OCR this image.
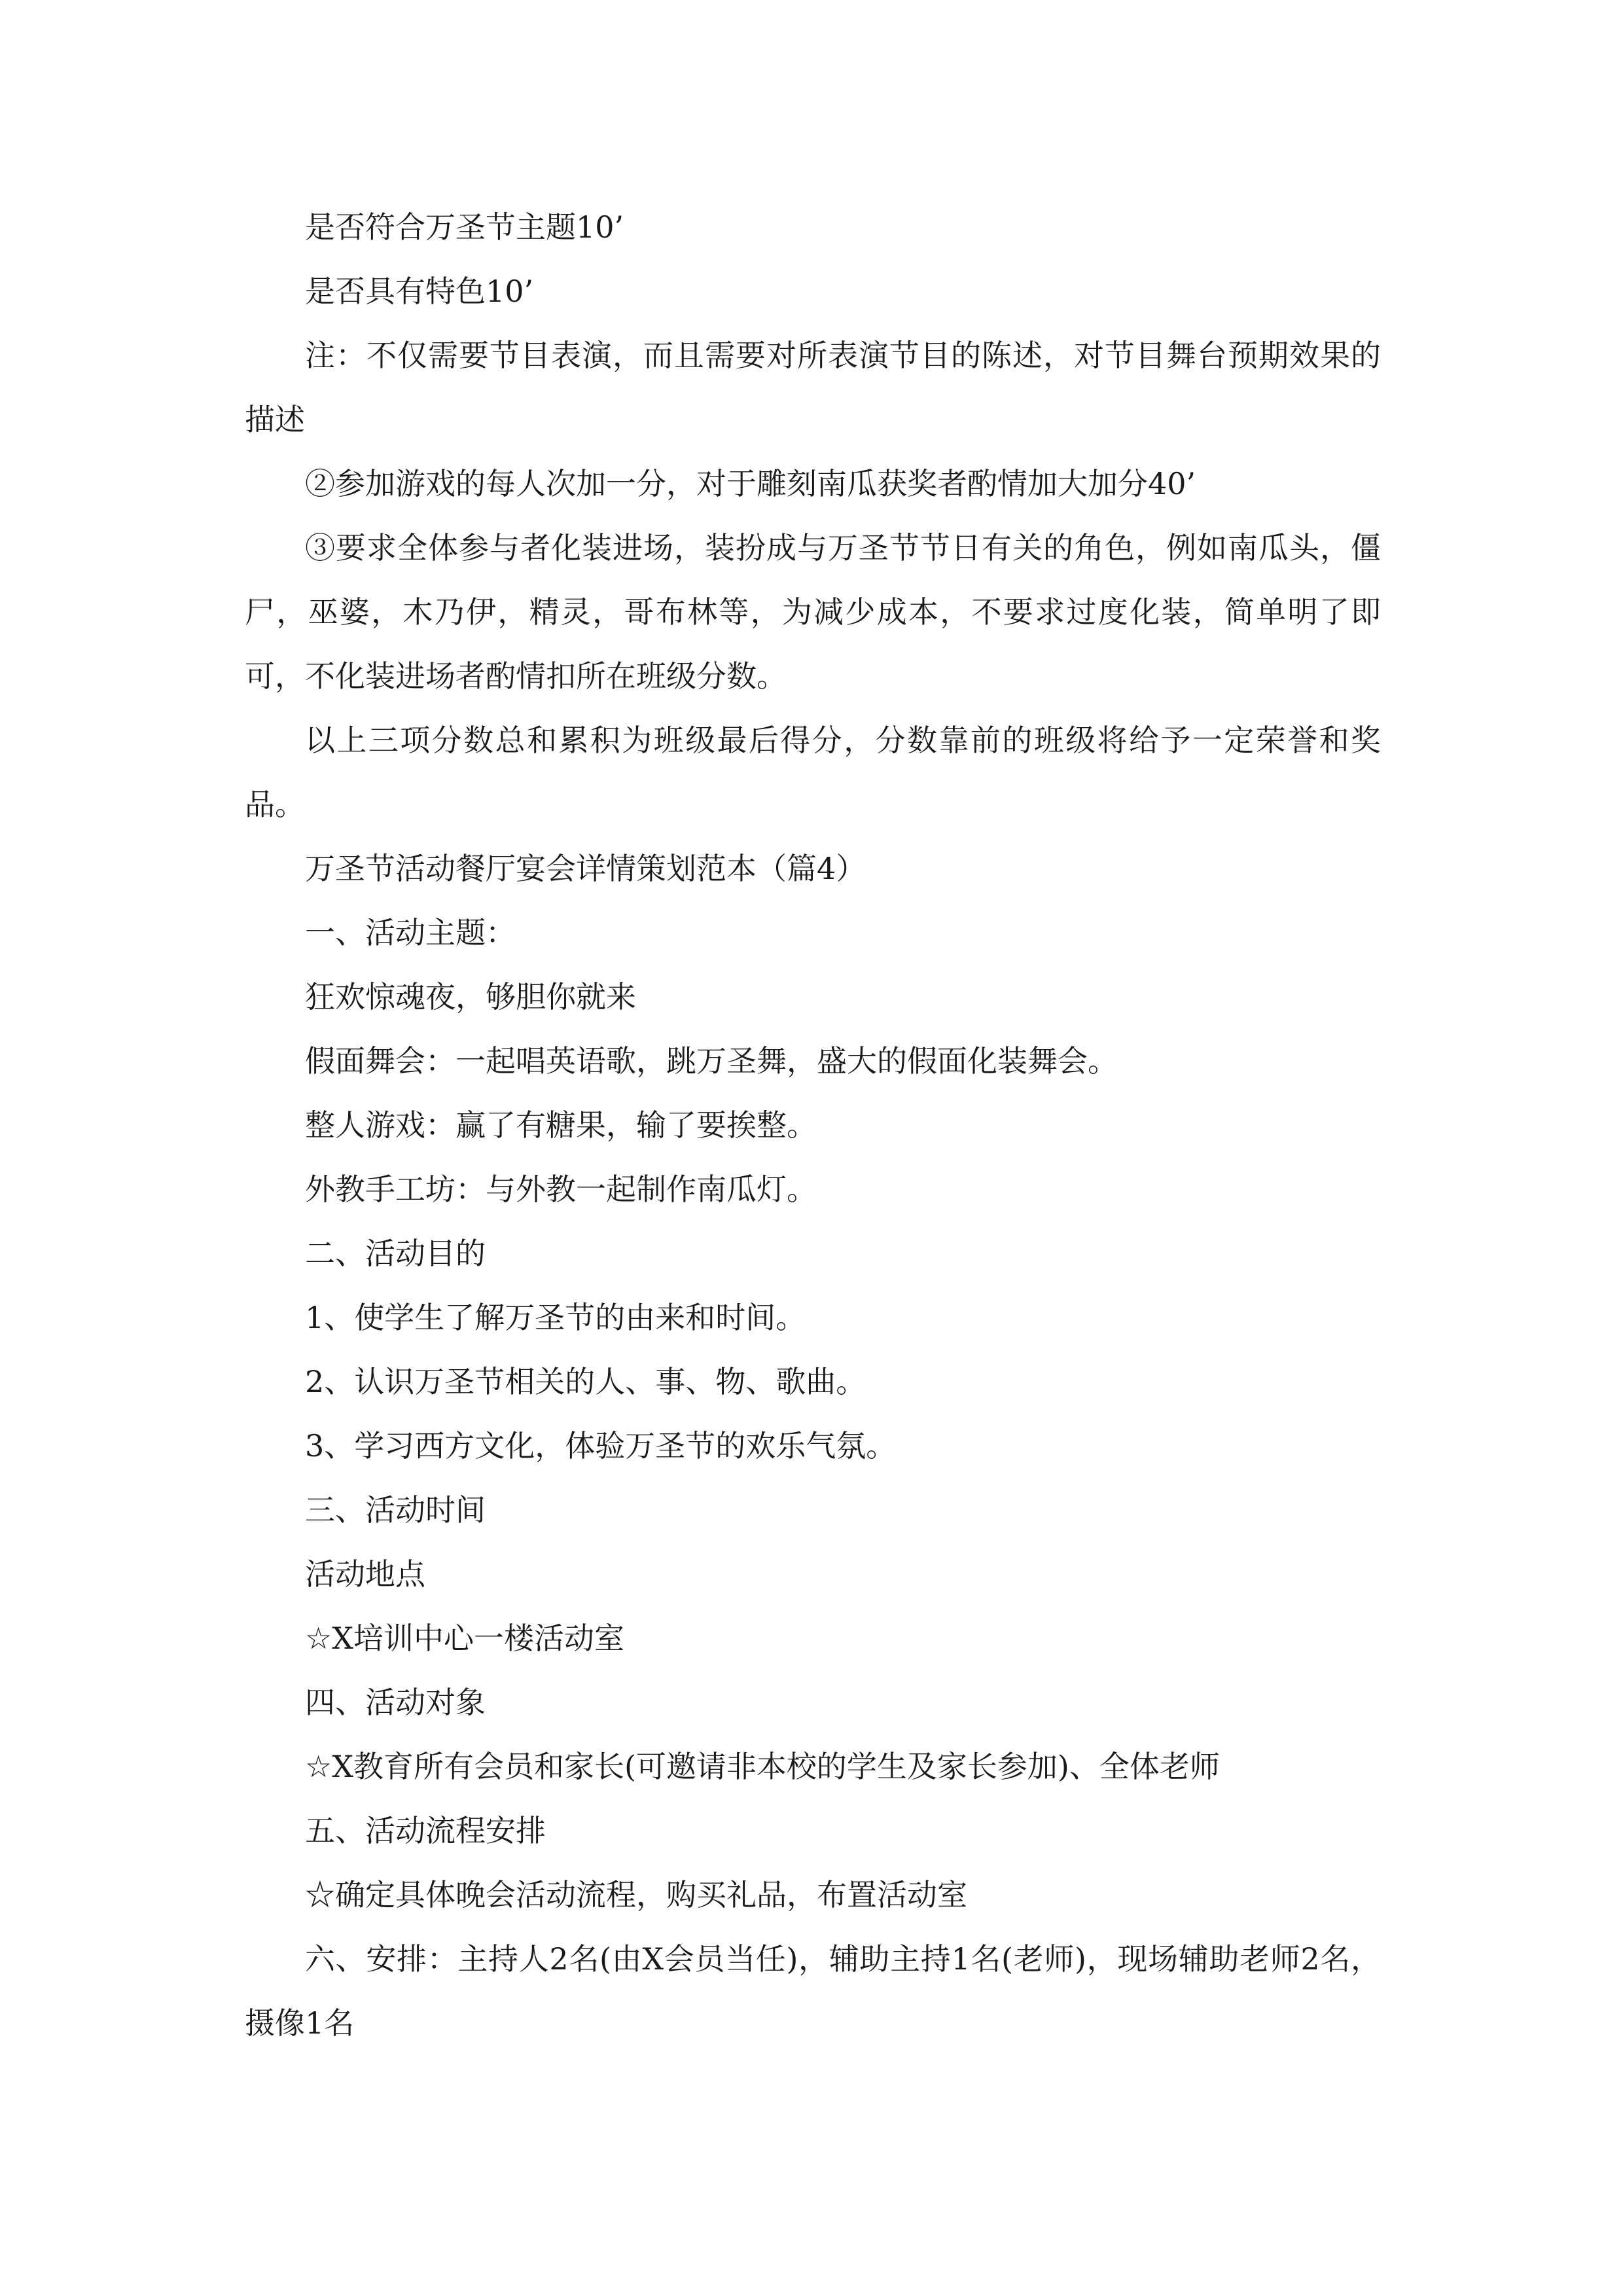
是否符合万圣节主题10’

是否具有特色10’

注：不仅需要节目表演，而且需要对所表演节目的陈述，对节目舞台预期效果的描述

②参加游戏的每人次加一分，对于雕刻南瓜获奖者酌情加大加分40’

③要求全体参与者化装进场，装扮成与万圣节节日有关的角色，例如南瓜头，僵尸，巫婆，木乃伊，精灵，哥布林等，为减少成本，不要求过度化装，简单明了即可，不化装进场者酌情扣所在班级分数。

以上三项分数总和累积为班级最后得分，分数靠前的班级将给予一定荣誉和奖品。

万圣节活动餐厅宴会详情策划范本（篇4）

一、活动主题：

狂欢惊魂夜，够胆你就来

假面舞会：一起唱英语歌，跳万圣舞，盛大的假面化装舞会。

整人游戏：赢了有糖果，输了要挨整。

外教手工坊：与外教一起制作南瓜灯。

二、活动目的

1、使学生了解万圣节的由来和时间。

2、认识万圣节相关的人、事、物、歌曲。

3、学习西方文化，体验万圣节的欢乐气氛。

三、活动时间

活动地点

☆X培训中心一楼活动室

四、活动对象

☆X教育所有会员和家长(可邀请非本校的学生及家长参加)、全体老师

五、活动流程安排

☆确定具体晚会活动流程，购买礼品，布置活动室

六、安排：主持人2名(由X会员当任)，辅助主持1名(老师)，现场辅助老师2名，摄像1名
